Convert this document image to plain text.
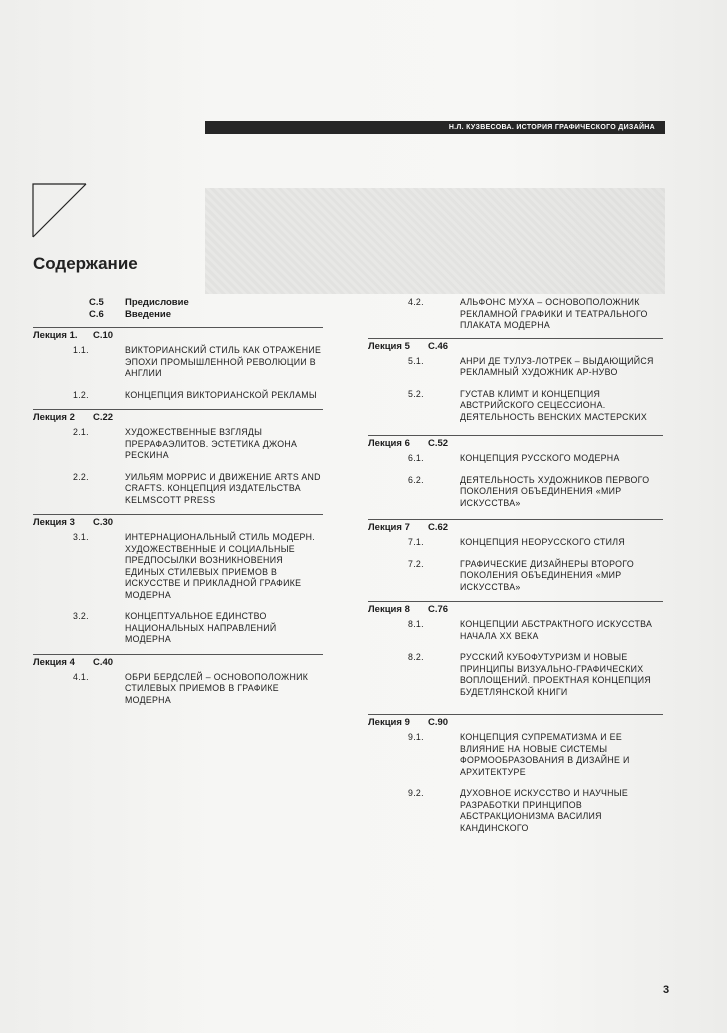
Н.Л. КУЗВЕСОВА. ИСТОРИЯ ГРАФИЧЕСКОГО ДИЗАЙНА
Содержание
С.5	Предисловие
С.6	Введение
Лекция 1.	С.10
1.1.	ВИКТОРИАНСКИЙ СТИЛЬ КАК ОТРАЖЕНИЕ ЭПОХИ ПРОМЫШЛЕННОЙ РЕВОЛЮЦИИ В АНГЛИИ
1.2.	КОНЦЕПЦИЯ ВИКТОРИАНСКОЙ РЕКЛАМЫ
Лекция 2	С.22
2.1.	ХУДОЖЕСТВЕННЫЕ ВЗГЛЯДЫ ПРЕРАФАЭЛИТОВ. ЭСТЕТИКА ДЖОНА РЕСКИНА
2.2.	УИЛЬЯМ МОРРИС И ДВИЖЕНИЕ ARTS AND CRAFTS. КОНЦЕПЦИЯ ИЗДАТЕЛЬСТВА KELMSCOTT PRESS
Лекция 3	С.30
3.1.	ИНТЕРНАЦИОНАЛЬНЫЙ СТИЛЬ МОДЕРН. ХУДОЖЕСТВЕННЫЕ И СОЦИАЛЬНЫЕ ПРЕДПОСЫЛКИ ВОЗНИКНОВЕНИЯ ЕДИНЫХ СТИЛЕВЫХ ПРИЕМОВ В ИСКУССТВЕ И ПРИКЛАДНОЙ ГРАФИКЕ МОДЕРНА
3.2.	КОНЦЕПТУАЛЬНОЕ ЕДИНСТВО НАЦИОНАЛЬНЫХ НАПРАВЛЕНИЙ МОДЕРНА
Лекция 4	С.40
4.1.	ОБРИ БЕРДСЛЕЙ – ОСНОВОПОЛОЖНИК СТИЛЕВЫХ ПРИЕМОВ В ГРАФИКЕ МОДЕРНА
4.2.	АЛЬФОНС МУХА – ОСНОВОПОЛОЖНИК РЕКЛАМНОЙ ГРАФИКИ И ТЕАТРАЛЬНОГО ПЛАКАТА МОДЕРНА
Лекция 5	С.46
5.1.	АНРИ ДЕ ТУЛУЗ-ЛОТРЕК – ВЫДАЮЩИЙСЯ РЕКЛАМНЫЙ ХУДОЖНИК АР-НУВО
5.2.	ГУСТАВ КЛИМТ И КОНЦЕПЦИЯ АВСТРИЙСКОГО СЕЦЕССИОНА. ДЕЯТЕЛЬНОСТЬ ВЕНСКИХ МАСТЕРСКИХ
Лекция 6	С.52
6.1.	КОНЦЕПЦИЯ РУССКОГО МОДЕРНА
6.2.	ДЕЯТЕЛЬНОСТЬ ХУДОЖНИКОВ ПЕРВОГО ПОКОЛЕНИЯ ОБЪЕДИНЕНИЯ «МИР ИСКУССТВА»
Лекция 7	С.62
7.1.	КОНЦЕПЦИЯ НЕОРУССКОГО СТИЛЯ
7.2.	ГРАФИЧЕСКИЕ ДИЗАЙНЕРЫ ВТОРОГО ПОКОЛЕНИЯ ОБЪЕДИНЕНИЯ «МИР ИСКУССТВА»
Лекция 8	С.76
8.1.	КОНЦЕПЦИИ АБСТРАКТНОГО ИСКУССТВА НАЧАЛА XX ВЕКА
8.2.	РУССКИЙ КУБОФУТУРИЗМ И НОВЫЕ ПРИНЦИПЫ ВИЗУАЛЬНО-ГРАФИЧЕСКИХ ВОПЛОЩЕНИЙ. ПРОЕКТНАЯ КОНЦЕПЦИЯ БУДЕТЛЯНСКОЙ КНИГИ
Лекция 9	С.90
9.1.	КОНЦЕПЦИЯ СУПРЕМАТИЗМА И ЕЕ ВЛИЯНИЕ НА НОВЫЕ СИСТЕМЫ ФОРМООБРАЗОВАНИЯ В ДИЗАЙНЕ И АРХИТЕКТУРЕ
9.2.	ДУХОВНОЕ ИСКУССТВО И НАУЧНЫЕ РАЗРАБОТКИ ПРИНЦИПОВ АБСТРАКЦИОНИЗМА ВАСИЛИЯ КАНДИНСКОГО
3
